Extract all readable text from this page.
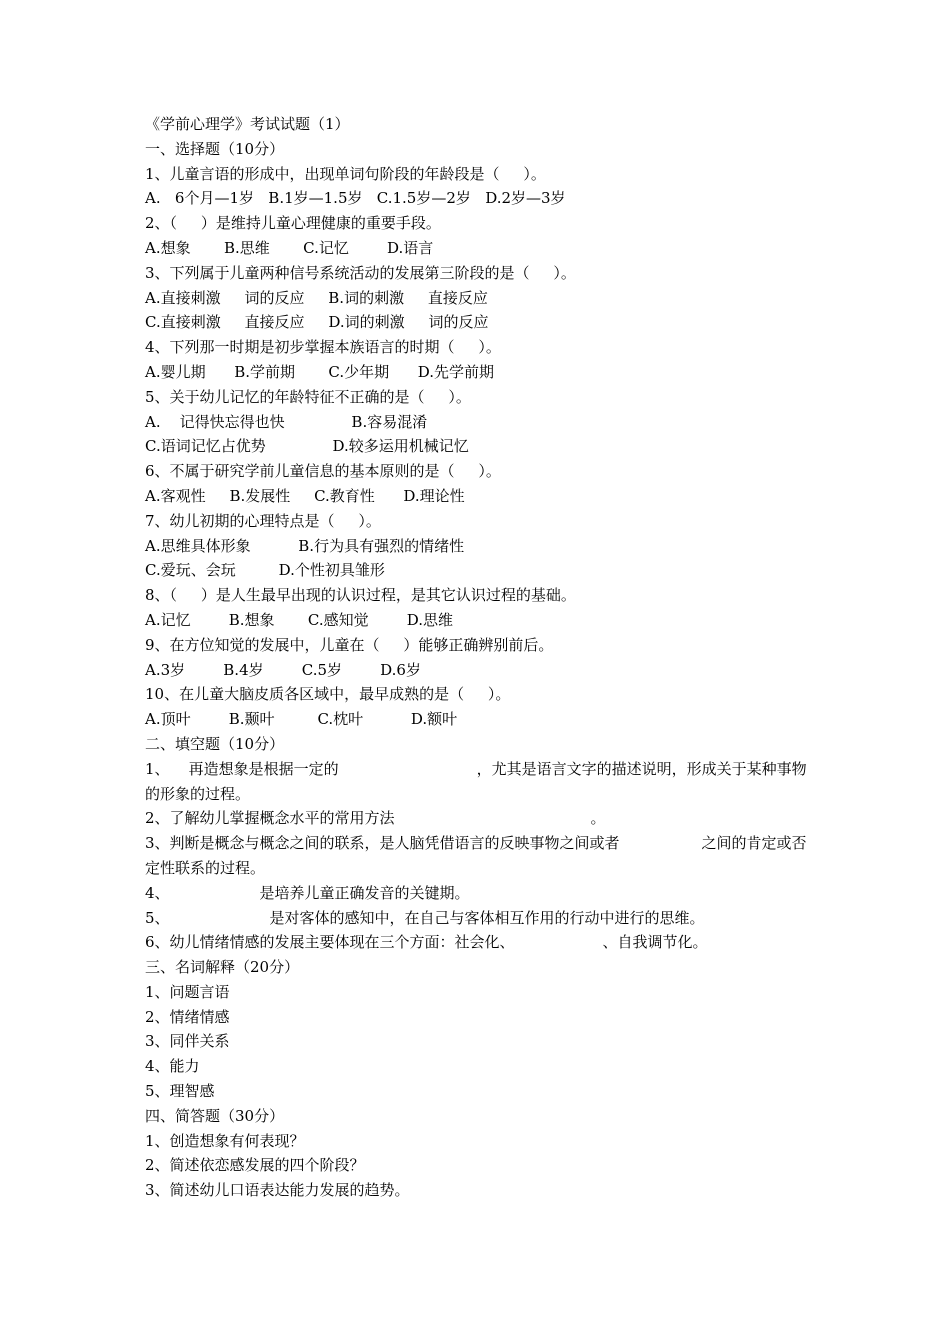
《学前心理学》考试试题（1）
一、选择题（10分）
1、儿童言语的形成中，出现单词句阶段的年龄段是（     ）。
A.   6个月—1岁   B.1岁—1.5岁   C.1.5岁—2岁   D.2岁—3岁
2、（     ）是维持儿童心理健康的重要手段。
A.想象       B.思维       C.记忆        D.语言
3、下列属于儿童两种信号系统活动的发展第三阶段的是（     ）。
A.直接刺激     词的反应     B.词的刺激     直接反应
C.直接刺激     直接反应     D.词的刺激     词的反应
4、下列那一时期是初步掌握本族语言的时期（     ）。
A.婴儿期      B.学前期       C.少年期      D.先学前期
5、关于幼儿记忆的年龄特征不正确的是（     ）。
A.    记得快忘得也快              B.容易混淆
C.语词记忆占优势              D.较多运用机械记忆
6、不属于研究学前儿童信息的基本原则的是（     ）。
A.客观性     B.发展性     C.教育性      D.理论性
7、幼儿初期的心理特点是（     ）。
A.思维具体形象          B.行为具有强烈的情绪性
C.爱玩、会玩         D.个性初具雏形
8、（     ）是人生最早出现的认识过程，是其它认识过程的基础。
A.记忆        B.想象       C.感知觉        D.思维
9、在方位知觉的发展中，儿童在（     ）能够正确辨别前后。
A.3岁        B.4岁        C.5岁        D.6岁
10、在儿童大脑皮质各区域中，最早成熟的是（     ）。
A.顶叶        B.颞叶         C.枕叶          D.额叶
二、填空题（10分）
1、    再造想象是根据一定的	，尤其是语言文字的描述说明，形成关于某种事物的形象的过程。
2、了解幼儿掌握概念水平的常用方法	。
3、判断是概念与概念之间的联系，是人脑凭借语言的反映事物之间或者	之间的肯定或否定性联系的过程。
4、	是培养儿童正确发音的关键期。
5、	是对客体的感知中，在自己与客体相互作用的行动中进行的思维。
6、幼儿情绪情感的发展主要体现在三个方面：社会化、	、自我调节化。
三、名词解释（20分）
1、问题言语
2、情绪情感
3、同伴关系
4、能力
5、理智感
四、简答题（30分）
1、创造想象有何表现？
2、简述依恋感发展的四个阶段？
3、简述幼儿口语表达能力发展的趋势。
